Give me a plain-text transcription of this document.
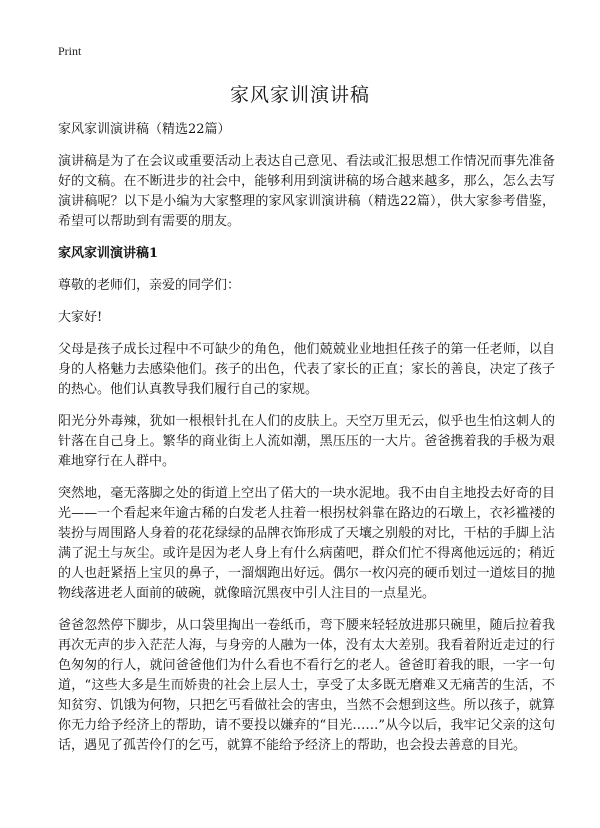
Print
家风家训演讲稿

家风家训演讲稿（精选22篇）

演讲稿是为了在会议或重要活动上表达自己意见、看法或汇报思想工作情况而事先准备好的文稿。在不断进步的社会中，能够利用到演讲稿的场合越来越多，那么，怎么去写演讲稿呢？以下是小编为大家整理的家风家训演讲稿（精选22篇），供大家参考借鉴，希望可以帮助到有需要的朋友。

家风家训演讲稿1

尊敬的老师们，亲爱的同学们：

大家好!

父母是孩子成长过程中不可缺少的角色，他们兢兢业业地担任孩子的第一任老师，以自身的人格魅力去感染他们。孩子的出色，代表了家长的正直；家长的善良，决定了孩子的热心。他们认真教导我们履行自己的家规。

阳光分外毒辣，犹如一根根针扎在人们的皮肤上。天空万里无云，似乎也生怕这刺人的针落在自己身上。繁华的商业街上人流如潮，黑压压的一大片。爸爸携着我的手极为艰难地穿行在人群中。

突然地，毫无落脚之处的街道上空出了偌大的一块水泥地。我不由自主地投去好奇的目光——一个看起来年逾古稀的白发老人拄着一根拐杖斜靠在路边的石墩上，衣衫褴褛的装扮与周围路人身着的花花绿绿的品牌衣饰形成了天壤之别般的对比，干枯的手脚上沾满了泥土与灰尘。或许是因为老人身上有什么病菌吧，群众们忙不得离他远远的；稍近的人也赶紧捂上宝贝的鼻子，一溜烟跑出好远。偶尔一枚闪亮的硬币划过一道炫目的抛物线落进老人面前的破碗，就像暗沉黑夜中引人注目的一点星光。

爸爸忽然停下脚步，从口袋里掏出一卷纸币，弯下腰来轻轻放进那只碗里，随后拉着我再次无声的步入茫茫人海，与身旁的人融为一体，没有太大差别。我看着附近走过的行色匆匆的行人，就问爸爸他们为什么看也不看行乞的老人。爸爸盯着我的眼，一字一句道，“这些大多是生而娇贵的社会上层人士，享受了太多既无磨难又无痛苦的生活，不知贫穷、饥饿为何物，只把乞丐看做社会的害虫，当然不会想到这些。所以孩子，就算你无力给予经济上的帮助，请不要投以嫌弃的“目光……”从今以后，我牢记父亲的这句话，遇见了孤苦伶仃的乞丐，就算不能给予经济上的帮助，也会投去善意的目光。
